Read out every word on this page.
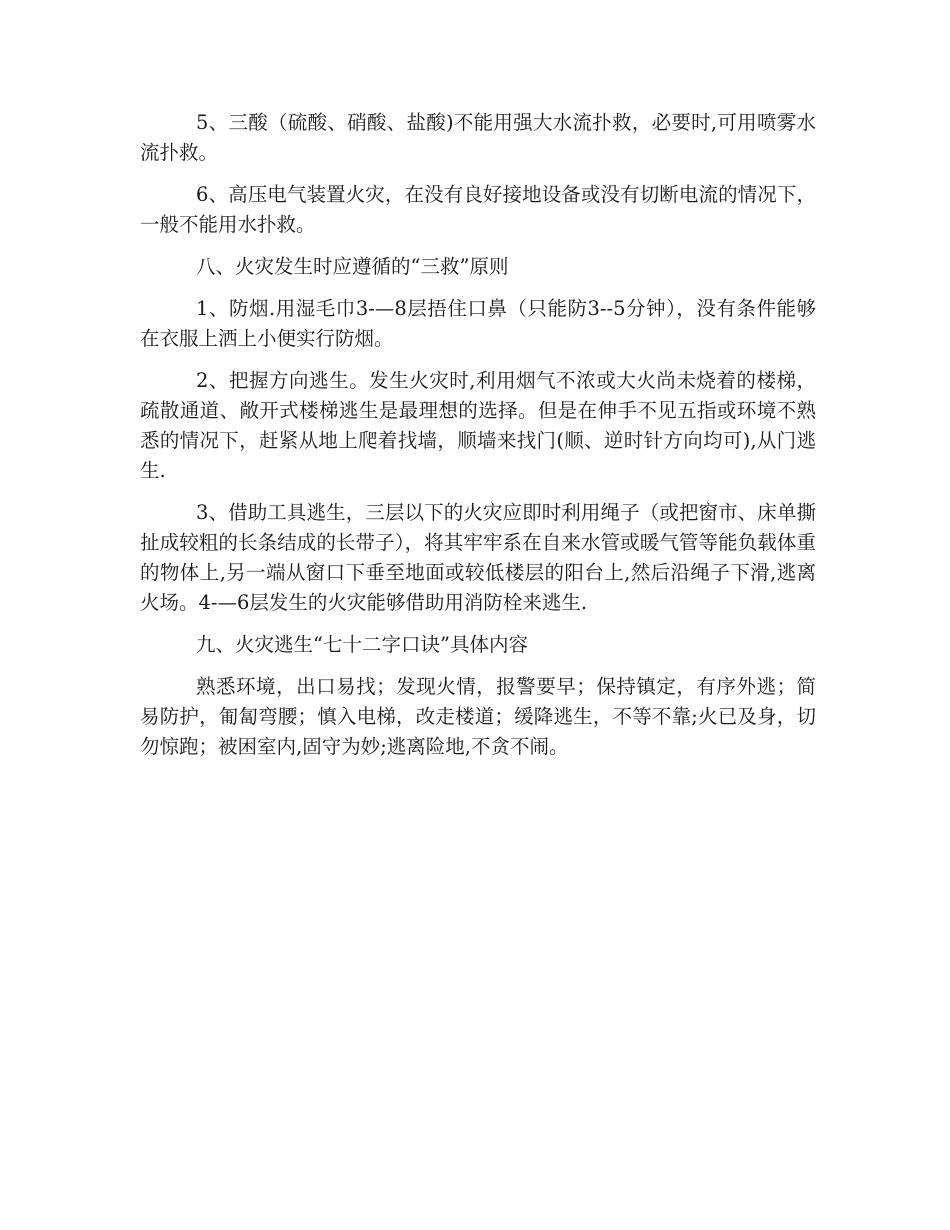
5、三酸（硫酸、硝酸、盐酸)不能用强大水流扑救，必要时,可用喷雾水流扑救。

6、高压电气装置火灾，在没有良好接地设备或没有切断电流的情况下，一般不能用水扑救。

八、火灾发生时应遵循的“三救”原则

1、防烟.用湿毛巾3-—8层捂住口鼻（只能防3--5分钟），没有条件能够在衣服上洒上小便实行防烟。

2、把握方向逃生。发生火灾时,利用烟气不浓或大火尚未烧着的楼梯，疏散通道、敞开式楼梯逃生是最理想的选择。但是在伸手不见五指或环境不熟悉的情况下，赶紧从地上爬着找墙，顺墙来找门(顺、逆时针方向均可),从门逃生.

3、借助工具逃生，三层以下的火灾应即时利用绳子（或把窗市、床单撕扯成较粗的长条结成的长带子），将其牢牢系在自来水管或暖气管等能负载体重的物体上,另一端从窗口下垂至地面或较低楼层的阳台上,然后沿绳子下滑,逃离火场。4-—6层发生的火灾能够借助用消防栓来逃生.

九、火灾逃生“七十二字口诀”具体内容

熟悉环境，出口易找；发现火情，报警要早；保持镇定，有序外逃；简易防护，匍匐弯腰；慎入电梯，改走楼道；缓降逃生，不等不靠;火已及身，切勿惊跑；被困室内,固守为妙;逃离险地,不贪不闹。
